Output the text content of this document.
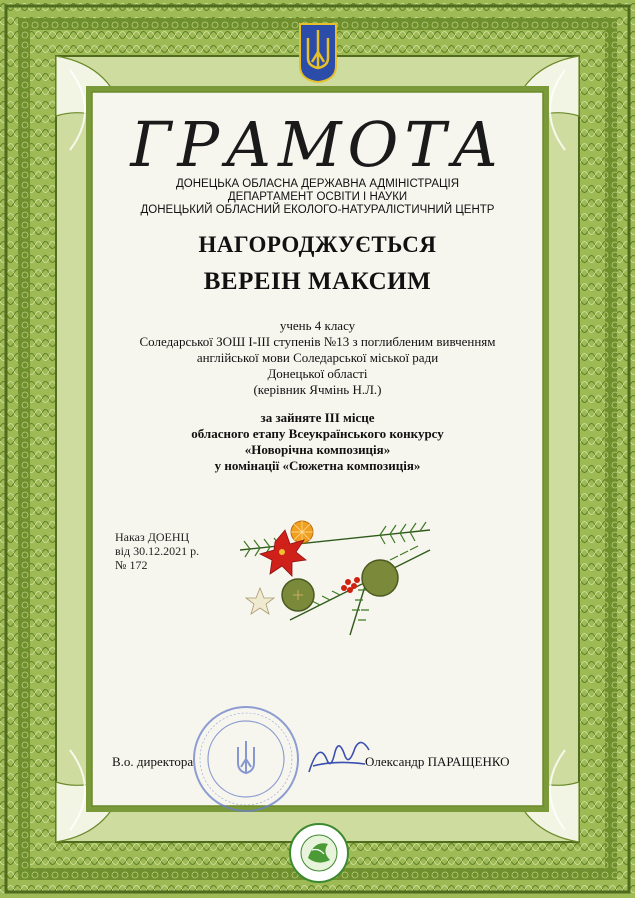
ГРАМОТА
ДОНЕЦЬКА ОБЛАСНА ДЕРЖАВНА АДМІНІСТРАЦІЯ
ДЕПАРТАМЕНТ ОСВІТИ І НАУКИ
ДОНЕЦЬКИЙ ОБЛАСНИЙ ЕКОЛОГО-НАТУРАЛІСТИЧНИЙ ЦЕНТР
НАГОРОДЖУЄТЬСЯ
ВЕРЕІН МАКСИМ
учень 4 класу
Соледарської ЗОШ І-ІІІ ступенів №13 з поглибленим вивченням
англійської мови Соледарської міської ради
Донецької області
(керівник Ячмінь Н.Л.)
за зайняте ІІІ місце
обласного етапу Всеукраїнського конкурсу
«Новорічна композиція»
у номінації «Сюжетна композиція»
Наказ ДОЕНЦ
від 30.12.2021 р.
№ 172
В.о. директора	Олександр ПАРАЩЕНКО
